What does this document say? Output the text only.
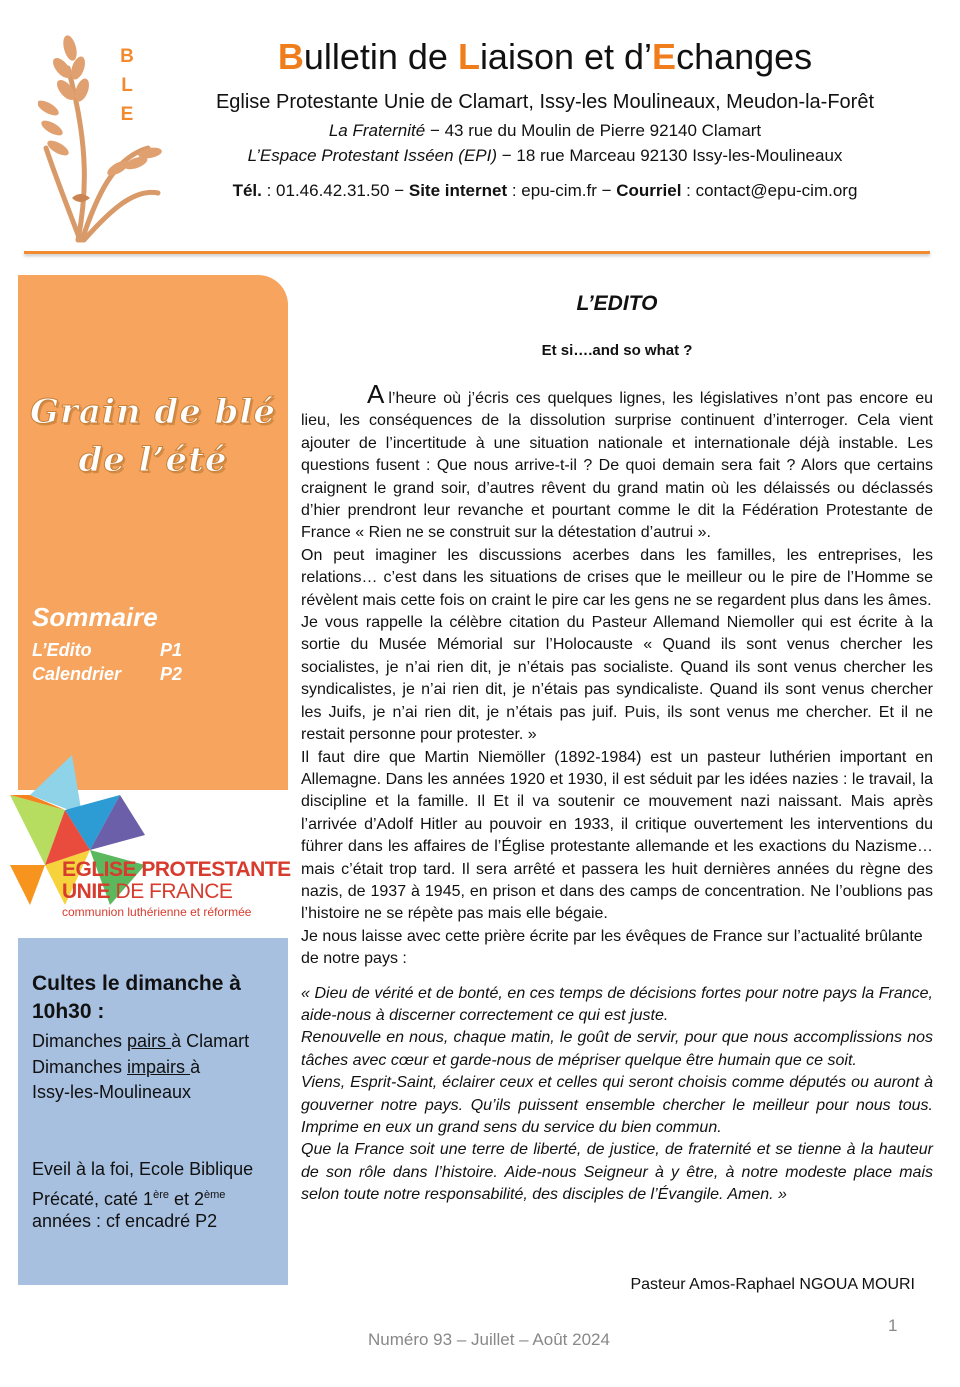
B
L
E
Bulletin de Liaison et d’Echanges
Eglise Protestante Unie de Clamart, Issy-les Moulineaux, Meudon-la-Forêt
La Fraternité − 43 rue du Moulin de Pierre 92140 Clamart
L’Espace Protestant Isséen (EPI) − 18 rue Marceau 92130 Issy-les-Moulineaux
Tél. : 01.46.42.31.50 − Site internet : epu-cim.fr − Courriel : contact@epu-cim.org
Grain de blé
de l’été
Sommaire
L’Edito	P1
Calendrier P2
EGLISE PROTESTANTE
UNIE DE FRANCE
communion luthérienne et réformée
Cultes le dimanche à 10h30 :
Dimanches pairs à Clamart
Dimanches impairs à
Issy-les-Moulineaux
Eveil à la foi, Ecole Biblique
Précaté, caté 1ère et 2ème
années : cf encadré P2
L’EDITO
Et si….and so what ?

Al’heure où j’écris ces quelques lignes, les législatives n’ont pas encore eu lieu, les conséquences de la dissolution surprise continuent d’interroger. Cela vient ajouter de l’incertitude à une situation nationale et internationale déjà instable. Les questions fusent : Que nous arrive-t-il ? De quoi demain sera fait ? Alors que certains craignent le grand soir, d’autres rêvent du grand matin où les délaissés ou déclassés d’hier prendront leur revanche et pourtant comme le dit la Fédération Protestante de France « Rien ne se construit sur la détestation d’autrui ».

On peut imaginer les discussions acerbes dans les familles, les entreprises, les relations… c’est dans les situations de crises que le meilleur ou le pire de l’Homme se révèlent mais cette fois on craint le pire car les gens ne se regardent plus dans les âmes.

Je vous rappelle la célèbre citation du Pasteur Allemand Niemoller qui est écrite à la sortie du Musée Mémorial sur l’Holocauste « Quand ils sont venus chercher les socialistes, je n’ai rien dit, je n’étais pas socialiste. Quand ils sont venus chercher les syndicalistes, je n’ai rien dit, je n’étais pas syndicaliste. Quand ils sont venus chercher les Juifs, je n’ai rien dit, je n’étais pas juif. Puis, ils sont venus me chercher. Et il ne restait personne pour protester. »

Il faut dire que Martin Niemöller (1892-1984) est un pasteur luthérien important en Allemagne. Dans les années 1920 et 1930, il est séduit par les idées nazies : le travail, la discipline et la famille. Il Et il va soutenir ce mouvement nazi naissant. Mais après l’arrivée d’Adolf Hitler au pouvoir en 1933, il critique ouvertement les interventions du führer dans les affaires de l’Église protestante allemande et les exactions du Nazisme…mais c’était trop tard. Il sera arrêté et passera les huit dernières années du règne des nazis, de 1937 à 1945, en prison et dans des camps de concentration. Ne l’oublions pas l’histoire ne se répète pas mais elle bégaie.

Je nous laisse avec cette prière écrite par les évêques de France sur l’actualité brûlante de notre pays :

« Dieu de vérité et de bonté, en ces temps de décisions fortes pour notre pays la France, aide-nous à discerner correctement ce qui est juste.

Renouvelle en nous, chaque matin, le goût de servir, pour que nous accomplissions nos tâches avec cœur et garde-nous de mépriser quelque être humain que ce soit.

Viens, Esprit-Saint, éclairer ceux et celles qui seront choisis comme députés ou auront à gouverner notre pays. Qu’ils puissent ensemble chercher le meilleur pour nous tous. Imprime en eux un grand sens du service du bien commun.

Que la France soit une terre de liberté, de justice, de fraternité et se tienne à la hauteur de son rôle dans l’histoire. Aide-nous Seigneur à y être, à notre modeste place mais selon toute notre responsabilité, des disciples de l’Évangile. Amen. »

Pasteur Amos-Raphael NGOUA MOURI
1
Numéro 93 – Juillet – Août 2024
